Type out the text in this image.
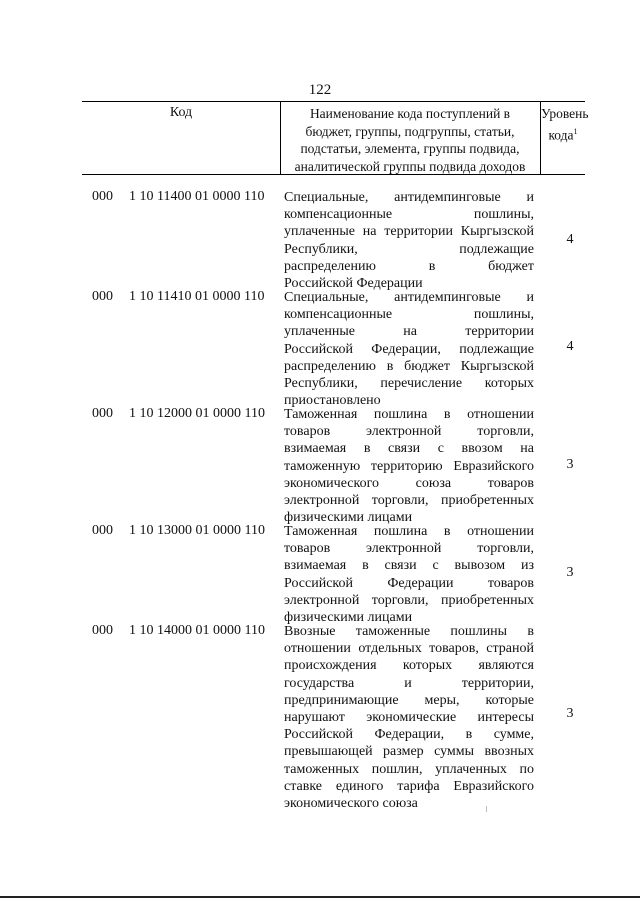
122
Код	Наименование кода поступлений в
бюджет, группы, подгруппы, статьи,
подстатьи, элемента, группы подвида,
аналитической группы подвида доходов
Уровень
кода$^1$
000 1 10 11400 01 0000 110 Специальные, антидемпинговые и
компенсационные пошлины,
уплаченные на территории Кыргызской
Республики, подлежащие
распределению в бюджет
Российской Федерации
4
000 1 10 11410 01 0000 110 Специальные, антидемпинговые и
компенсационные пошлины,
уплаченные на территории
Российской Федерации, подлежащие
распределению в бюджет Кыргызской
Республики, перечисление которых
приостановлено
4
000 1 10 12000 01 0000 110 Таможенная пошлина в отношении
товаров электронной торговли,
взимаемая в связи с ввозом на
таможенную территорию Евразийского
экономического союза товаров
электронной торговли, приобретенных
физическими лицами
3
000 1 10 13000 01 0000 110 Таможенная пошлина в отношении
товаров электронной торговли,
взимаемая в связи с вывозом из
Российской Федерации товаров
электронной торговли, приобретенных
физическими лицами
3
000 1 10 14000 01 0000 110 Ввозные таможенные пошлины в
отношении отдельных товаров, страной
происхождения которых являются
государства и территории,
предпринимающие меры, которые
нарушают экономические интересы
Российской Федерации, в сумме,
превышающей размер суммы ввозных
таможенных пошлин, уплаченных по
ставке единого тарифа Евразийского
экономического союза
3
